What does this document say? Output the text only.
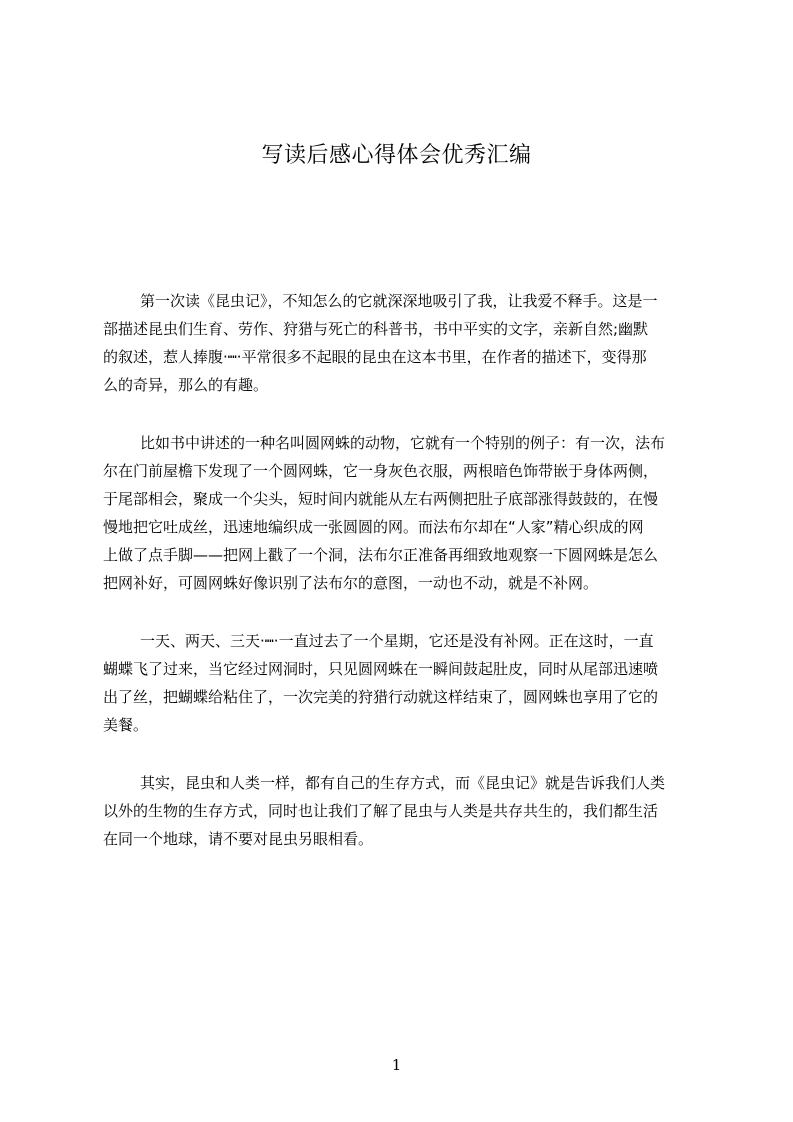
写读后感心得体会优秀汇编
第一次读《昆虫记》，不知怎么的它就深深地吸引了我，让我爱不释手。这是一
部描述昆虫们生育、劳作、狩猎与死亡的科普书，书中平实的文字，亲新自然;幽默
的叙述，惹人捧腹·┉·平常很多不起眼的昆虫在这本书里，在作者的描述下，变得那
么的奇异，那么的有趣。
比如书中讲述的一种名叫圆网蛛的动物，它就有一个特别的例子：有一次，法布
尔在门前屋檐下发现了一个圆网蛛，它一身灰色衣服，两根暗色饰带嵌于身体两侧，
于尾部相会，聚成一个尖头，短时间内就能从左右两侧把肚子底部涨得鼓鼓的，在慢
慢地把它吐成丝，迅速地编织成一张圆圆的网。而法布尔却在“人家”精心织成的网
上做了点手脚——把网上戳了一个洞，法布尔正准备再细致地观察一下圆网蛛是怎么
把网补好，可圆网蛛好像识别了法布尔的意图，一动也不动，就是不补网。
一天、两天、三天·┉·一直过去了一个星期，它还是没有补网。正在这时，一直
蝴蝶飞了过来，当它经过网洞时，只见圆网蛛在一瞬间鼓起肚皮，同时从尾部迅速喷
出了丝，把蝴蝶给粘住了，一次完美的狩猎行动就这样结束了，圆网蛛也享用了它的
美餐。
其实，昆虫和人类一样，都有自己的生存方式，而《昆虫记》就是告诉我们人类
以外的生物的生存方式，同时也让我们了解了昆虫与人类是共存共生的，我们都生活
在同一个地球，请不要对昆虫另眼相看。
1
